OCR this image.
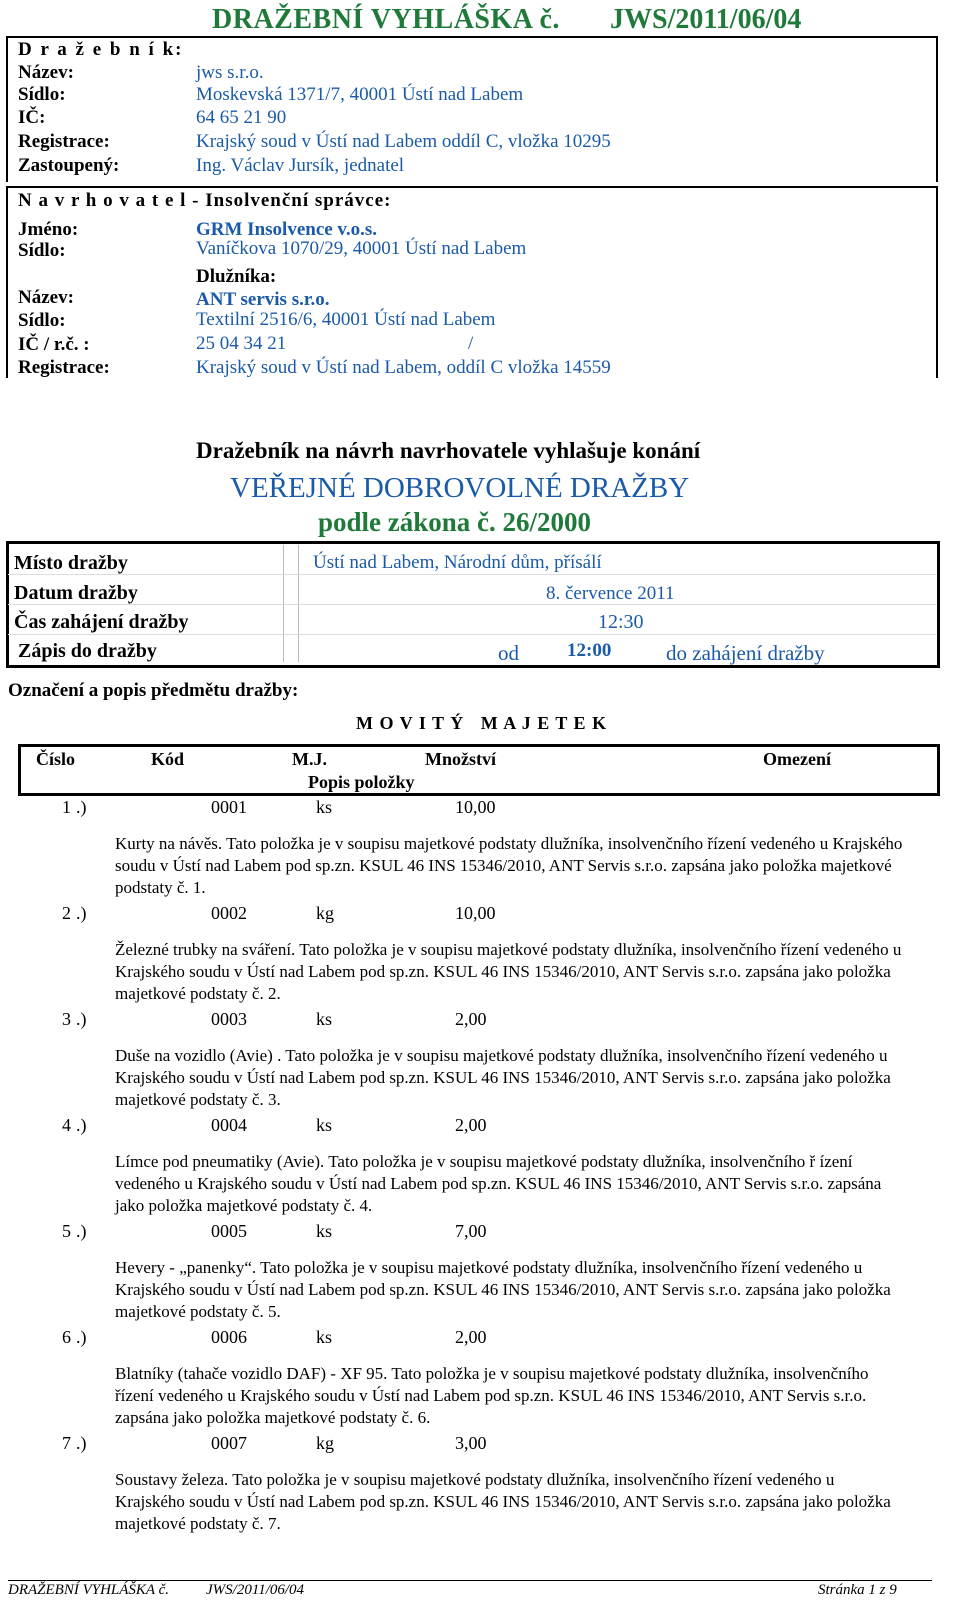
DRAŽEBNÍ VYHLÁŠKA č. JWS/2011/06/04
D r a ž e b n í k:
Název:	jws s.r.o.
Sídlo:	Moskevská 1371/7, 40001 Ústí nad Labem
IČ:	64 65 21 90
Registrace:	Krajský soud v Ústí nad Labem oddíl C, vložka 10295
Zastoupený:	Ing. Václav Jursík, jednatel
N a v r h o v a t e l - Insolvenční správce:
Jméno:	GRM Insolvence v.o.s.
Sídlo:	Vaníčkova 1070/29, 40001 Ústí nad Labem
Dlužníka:
Název:	ANT servis s.r.o.
Sídlo:	Textilní 2516/6, 40001 Ústí nad Labem
IČ / r.č. :	25 04 34 21	/
Registrace:	Krajský soud v Ústí nad Labem, oddíl C vložka 14559
Dražebník na návrh navrhovatele vyhlašuje konání
VEŘEJNÉ DOBROVOLNÉ DRAŽBY
podle zákona č. 26/2000
Místo dražby	Ústí nad Labem, Národní dům, přísálí
Datum dražby	8. července 2011
Čas zahájení dražby	12:30
Zápis do dražby	od	12:00	do zahájení dražby
Označení a popis předmětu dražby:
M O V I T Ý   M A J E T E K
Číslo	Kód	M.J.	Množství	Omezení
Popis položky
1 .)	0001	ks	10,00
Kurty na návěs. Tato položka je v soupisu majetkové podstaty dlužníka, insolvenčního řízení vedeného u Krajského soudu v Ústí nad Labem pod sp.zn. KSUL 46 INS 15346/2010, ANT Servis s.r.o. zapsána jako položka majetkové podstaty č. 1.
2 .)	0002	kg	10,00
Železné trubky na sváření. Tato položka je v soupisu majetkové podstaty dlužníka, insolvenčního řízení vedeného u Krajského soudu v Ústí nad Labem pod sp.zn. KSUL 46 INS 15346/2010, ANT Servis s.r.o. zapsána jako položka majetkové podstaty č. 2.
3 .)	0003	ks	2,00
Duše na vozidlo (Avie) . Tato položka je v soupisu majetkové podstaty dlužníka, insolvenčního řízení vedeného u Krajského soudu v Ústí nad Labem pod sp.zn. KSUL 46 INS 15346/2010, ANT Servis s.r.o. zapsána jako položka majetkové podstaty č. 3.
4 .)	0004	ks	2,00
Límce pod pneumatiky (Avie). Tato položka je v soupisu majetkové podstaty dlužníka, insolvenčního ř ízení vedeného u Krajského soudu v Ústí nad Labem pod sp.zn. KSUL 46 INS 15346/2010, ANT Servis s.r.o. zapsána jako položka majetkové podstaty č. 4.
5 .)	0005	ks	7,00
Hevery - „panenky“. Tato položka je v soupisu majetkové podstaty dlužníka, insolvenčního řízení vedeného u Krajského soudu v Ústí nad Labem pod sp.zn. KSUL 46 INS 15346/2010, ANT Servis s.r.o. zapsána jako položka majetkové podstaty č. 5.
6 .)	0006	ks	2,00
Blatníky (tahače vozidlo DAF) - XF 95. Tato položka je v soupisu majetkové podstaty dlužníka, insolvenčního řízení vedeného u Krajského soudu v Ústí nad Labem pod sp.zn. KSUL 46 INS 15346/2010, ANT Servis s.r.o. zapsána jako položka majetkové podstaty č. 6.
7 .)	0007	kg	3,00
Soustavy železa. Tato položka je v soupisu majetkové podstaty dlužníka, insolvenčního řízení vedeného u Krajského soudu v Ústí nad Labem pod sp.zn. KSUL 46 INS 15346/2010, ANT Servis s.r.o. zapsána jako položka majetkové podstaty č. 7.
DRAŽEBNÍ VYHLÁŠKA č. JWS/2011/06/04	Stránka 1 z 9
